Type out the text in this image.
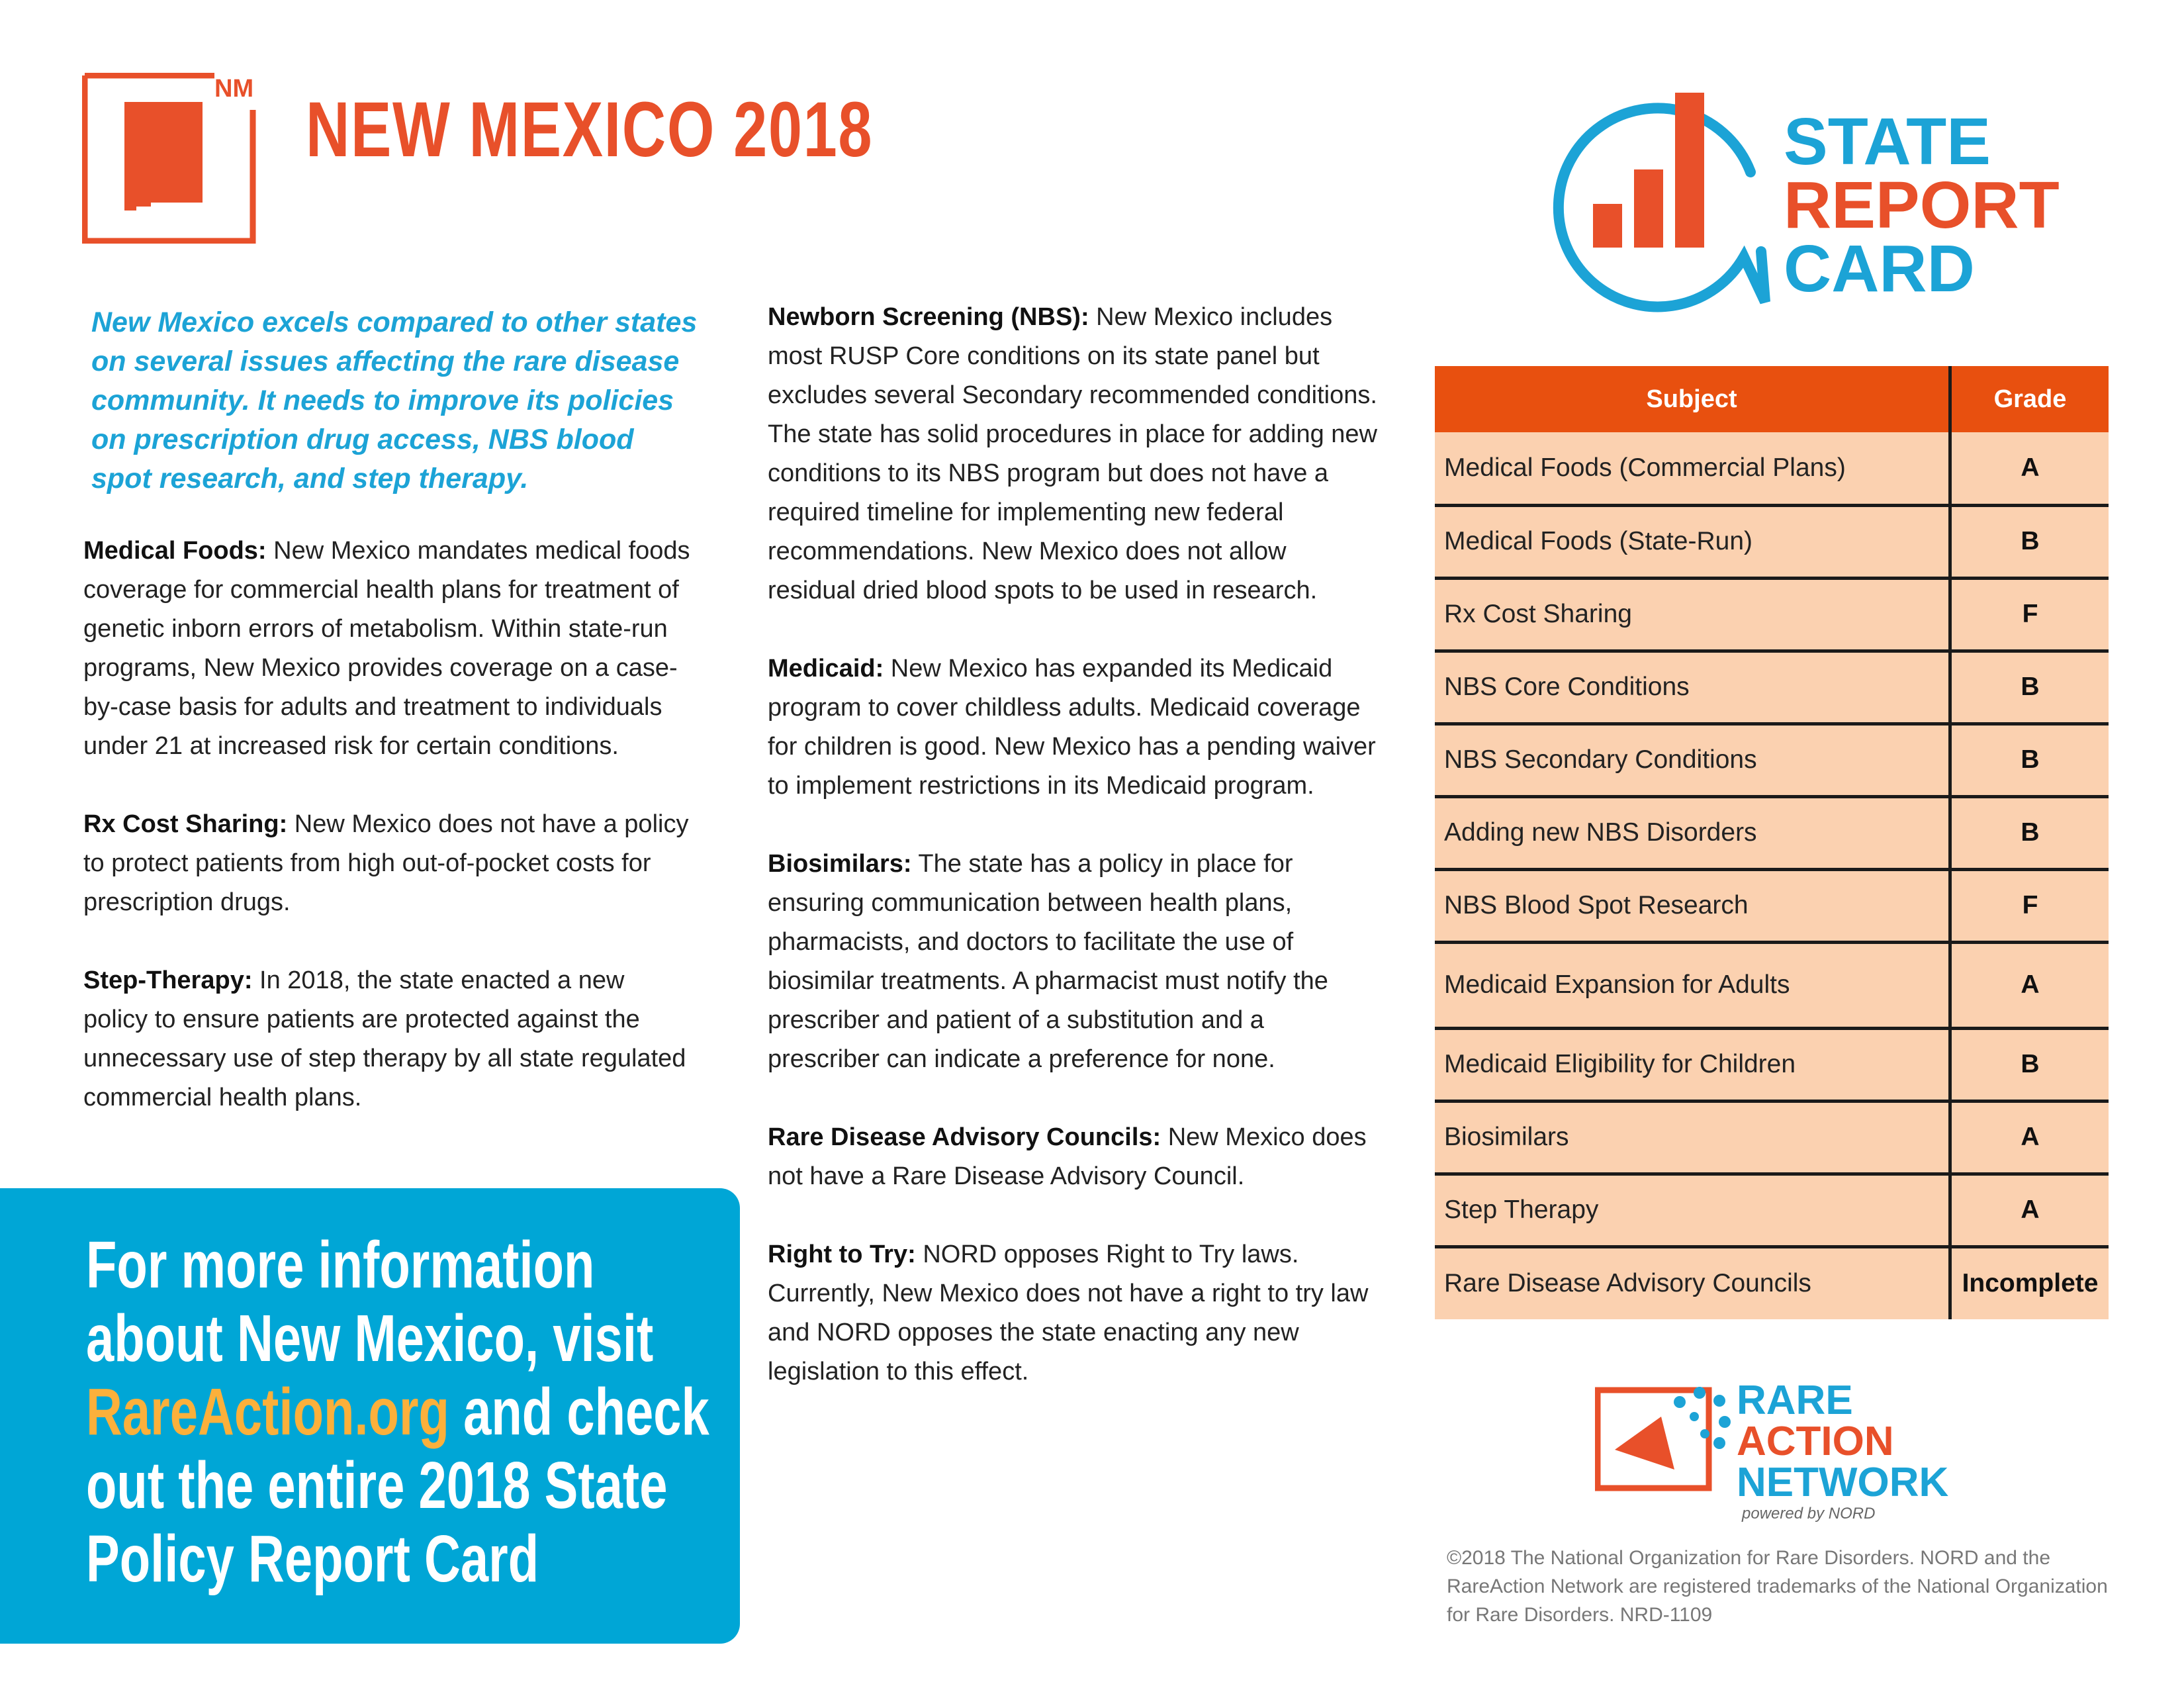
NM NEW MEXICO 2018	STATE
REPORT
CARD
New Mexico excels compared to other states on several issues affecting the rare disease community. It needs to improve its policies on prescription drug access, NBS blood spot research, and step therapy.

Medical Foods: New Mexico mandates medical foods coverage for commercial health plans for treatment of genetic inborn errors of metabolism. Within state-run programs, New Mexico provides coverage on a case-by-case basis for adults and treatment to individuals under 21 at increased risk for certain conditions.

Rx Cost Sharing: New Mexico does not have a policy to protect patients from high out-of-pocket costs for prescription drugs.

Step-Therapy: In 2018, the state enacted a new policy to ensure patients are protected against the unnecessary use of step therapy by all state regulated commercial health plans.

Newborn Screening (NBS): New Mexico includes most RUSP Core conditions on its state panel but excludes several Secondary recommended conditions. The state has solid procedures in place for adding new conditions to its NBS program but does not have a required timeline for implementing new federal recommendations. New Mexico does not allow residual dried blood spots to be used in research.

Medicaid: New Mexico has expanded its Medicaid program to cover childless adults. Medicaid coverage for children is good. New Mexico has a pending waiver to implement restrictions in its Medicaid program.

Biosimilars: The state has a policy in place for ensuring communication between health plans, pharmacists, and doctors to facilitate the use of biosimilar treatments. A pharmacist must notify the prescriber and patient of a substitution and a prescriber can indicate a preference for none.

Rare Disease Advisory Councils: New Mexico does not have a Rare Disease Advisory Council.

Right to Try: NORD opposes Right to Try laws. Currently, New Mexico does not have a right to try law and NORD opposes the state enacting any new legislation to this effect.

For more information about New Mexico, visit RareAction.org and check out the entire 2018 State Policy Report Card
Subject	Grade
Medical Foods (Commercial Plans)	A
Medical Foods (State-Run)	B
Rx Cost Sharing	F
NBS Core Conditions	B
NBS Secondary Conditions	B
Adding new NBS Disorders	B
NBS Blood Spot Research	F
Medicaid Expansion for Adults	A
Medicaid Eligibility for Children	B
Biosimilars	A
Step Therapy	A
Rare Disease Advisory Councils	Incomplete
RARE
ACTION
NETWORK
powered by NORD
©2018 The National Organization for Rare Disorders. NORD and the RareAction Network are registered trademarks of the National Organization for Rare Disorders. NRD-1109
